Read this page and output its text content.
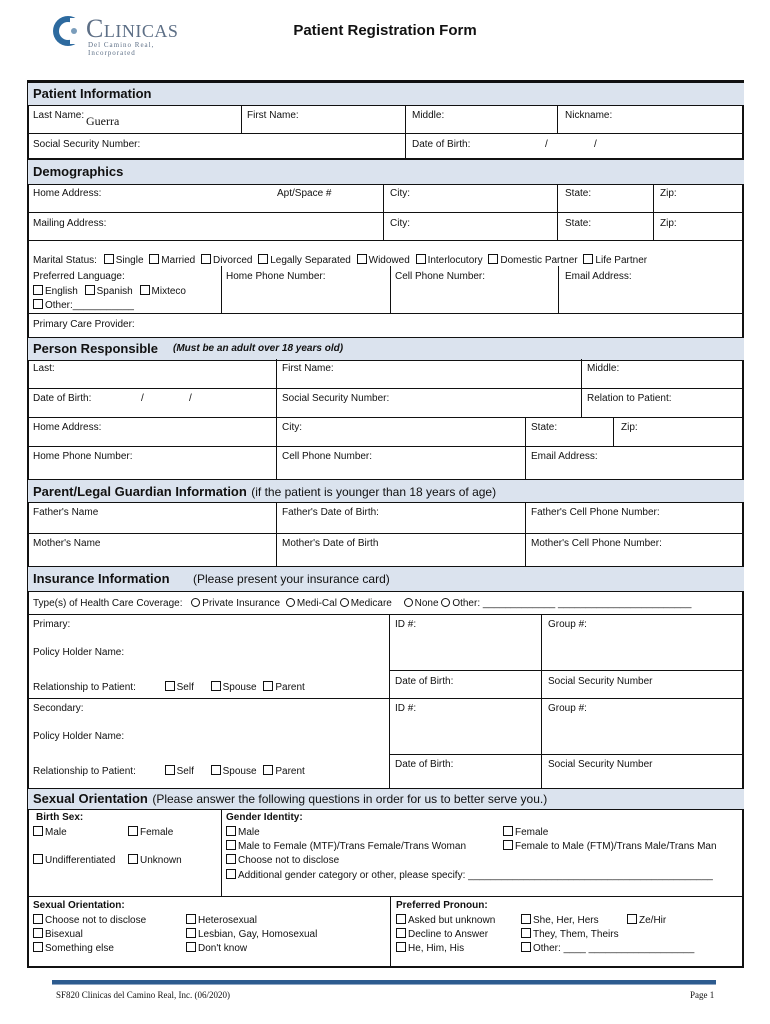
Clinicas
Del Camino Real, Incorporated
Patient Registration Form
Patient Information
Last Name: Guerra	First Name:	Middle:	Nickname:
Social Security Number:	Date of Birth:	/	/
Demographics
Home Address:	Apt/Space #	City:	State:	Zip:
Mailing Address:	City:	State:	Zip:
Marital Status: Single Married Divorced Legally Separated Widowed Interlocutory Domestic Partner Life Partner
Preferred Language:
English Spanish Mixteco
Other:___________
Home Phone Number:	Cell Phone Number:	Email Address:
Primary Care Provider:
Person Responsible (Must be an adult over 18 years old)
Last:	First Name:	Middle:
Date of Birth:	/	/	Social Security Number:	Relation to Patient:
Home Address:	City:	State:	Zip:
Home Phone Number:	Cell Phone Number:	Email Address:
Parent/Legal Guardian Information (if the patient is younger than 18 years of age)
Father's Name	Father's Date of Birth:	Father's Cell Phone Number:
Mother's Name	Mother's Date of Birth	Mother's Cell Phone Number:
Insurance Information (Please present your insurance card)
Type(s) of Health Care Coverage: Private Insurance Medi-Cal Medicare None Other: _____________ ________________________
Primary:	ID #:	Group #:
Policy Holder Name:
Relationship to Patient:	Self	Spouse Parent
Date of Birth:	Social Security Number
Secondary:	ID #:	Group #:
Policy Holder Name:
Relationship to Patient:	Self	Spouse Parent
Date of Birth:	Social Security Number
Sexual Orientation (Please answer the following questions in order for us to better serve you.)
Birth Sex:
Male	Female
Undifferentiated	Unknown
Gender Identity:
Male	Female
Male to Female (MTF)/Trans Female/Trans Woman	Female to Male (FTM)/Trans Male/Trans Man
Choose not to disclose
Additional gender category or other, please specify: ____________________________________________
Sexual Orientation:
Choose not to disclose	Heterosexual
Bisexual	Lesbian, Gay, Homosexual
Something else	Don't know
Preferred Pronoun:
Asked but unknown	She, Her, Hers	Ze/Hir
Decline to Answer	They, Them, Theirs
He, Him, His	Other: ____ ___________________
SF820 Clinicas del Camino Real, Inc. (06/2020)	Page 1
